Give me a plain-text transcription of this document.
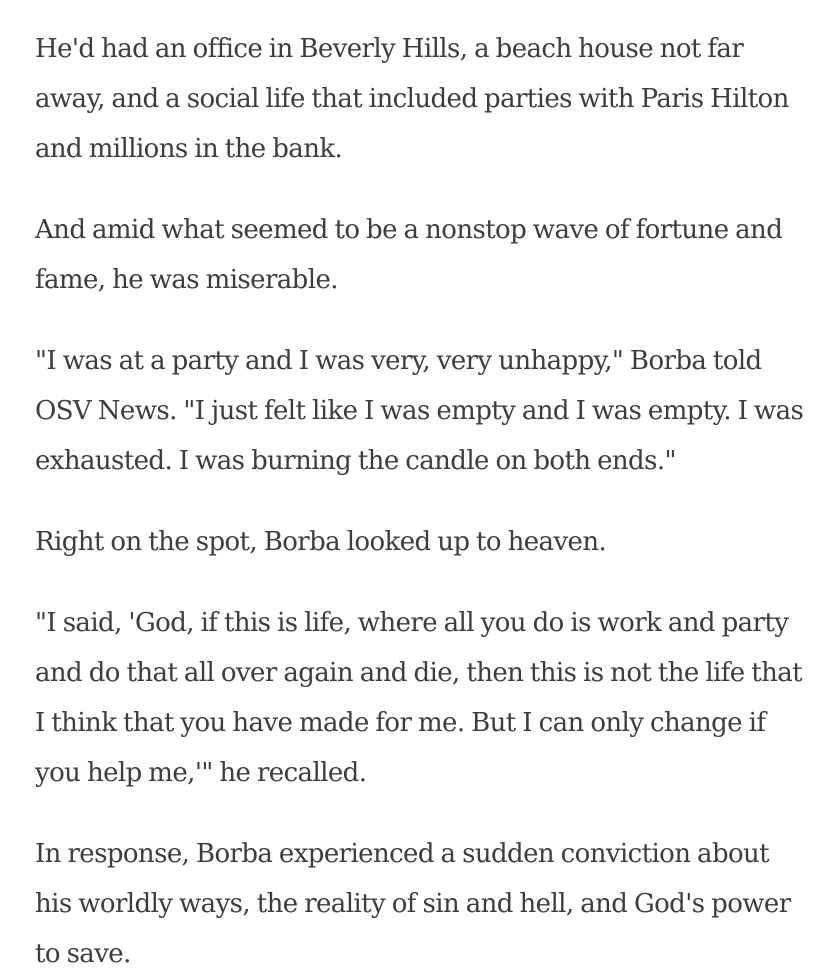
He'd had an office in Beverly Hills, a beach house not far away, and a social life that included parties with Paris Hilton and millions in the bank.

And amid what seemed to be a nonstop wave of fortune and fame, he was miserable.

"I was at a party and I was very, very unhappy," Borba told OSV News. "I just felt like I was empty and I was empty. I was exhausted. I was burning the candle on both ends."

Right on the spot, Borba looked up to heaven.

"I said, 'God, if this is life, where all you do is work and party and do that all over again and die, then this is not the life that I think that you have made for me. But I can only change if you help me,'" he recalled.

In response, Borba experienced a sudden conviction about his worldly ways, the reality of sin and hell, and God's power to save.
